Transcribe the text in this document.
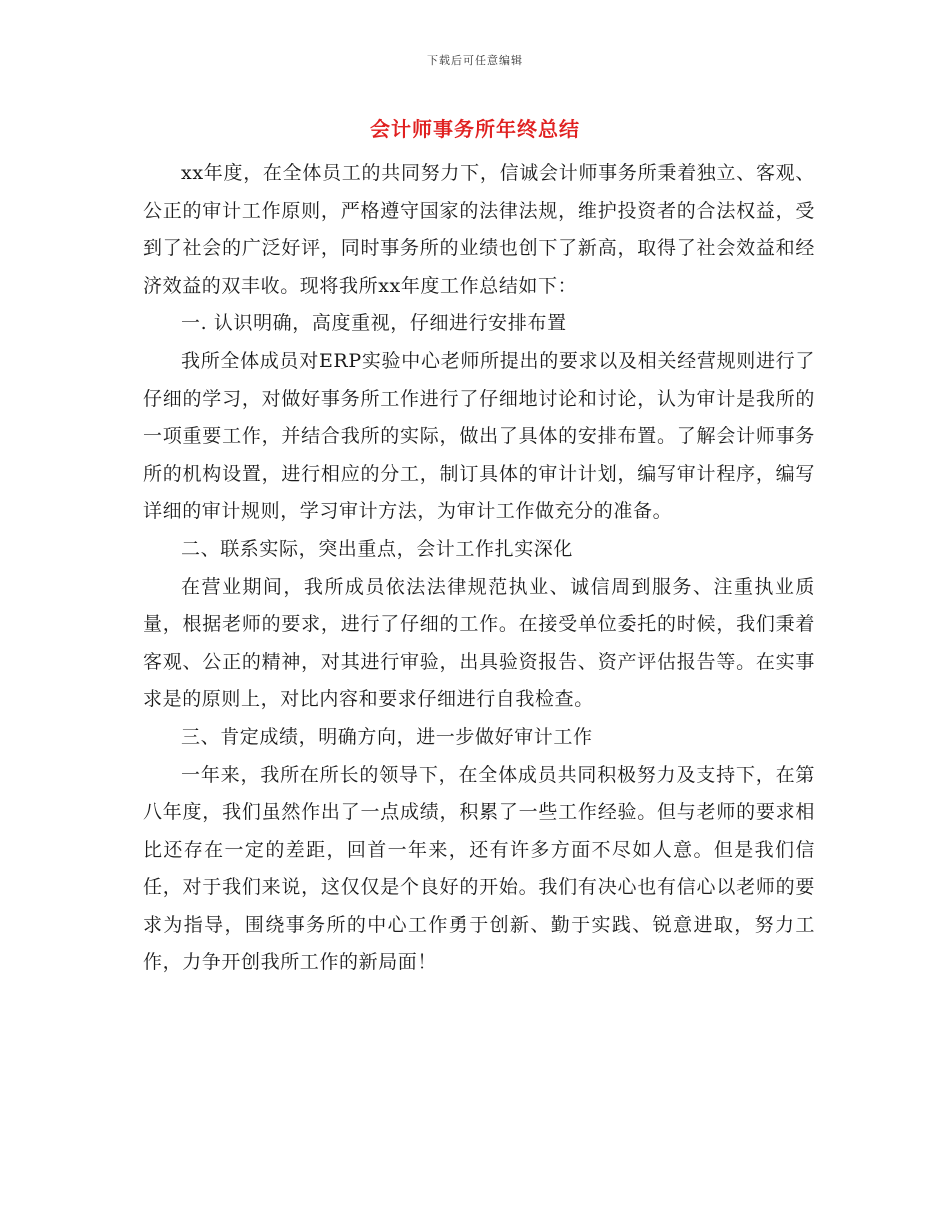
下载后可任意编辑
会计师事务所年终总结

xx年度，在全体员工的共同努力下，信诚会计师事务所秉着独立、客观、公正的审计工作原则，严格遵守国家的法律法规，维护投资者的合法权益，受到了社会的广泛好评，同时事务所的业绩也创下了新高，取得了社会效益和经济效益的双丰收。现将我所xx年度工作总结如下：

一. 认识明确，高度重视，仔细进行安排布置

我所全体成员对ERP实验中心老师所提出的要求以及相关经营规则进行了仔细的学习，对做好事务所工作进行了仔细地讨论和讨论，认为审计是我所的一项重要工作，并结合我所的实际，做出了具体的安排布置。了解会计师事务所的机构设置，进行相应的分工，制订具体的审计计划，编写审计程序，编写详细的审计规则，学习审计方法，为审计工作做充分的准备。

二、联系实际，突出重点，会计工作扎实深化

在营业期间，我所成员依法法律规范执业、诚信周到服务、注重执业质量，根据老师的要求，进行了仔细的工作。在接受单位委托的时候，我们秉着客观、公正的精神，对其进行审验，出具验资报告、资产评估报告等。在实事求是的原则上，对比内容和要求仔细进行自我检查。

三、肯定成绩，明确方向，进一步做好审计工作

一年来，我所在所长的领导下，在全体成员共同积极努力及支持下，在第八年度，我们虽然作出了一点成绩，积累了一些工作经验。但与老师的要求相比还存在一定的差距，回首一年来，还有许多方面不尽如人意。但是我们信任，对于我们来说，这仅仅是个良好的开始。我们有决心也有信心以老师的要求为指导，围绕事务所的中心工作勇于创新、勤于实践、锐意进取，努力工作，力争开创我所工作的新局面！
